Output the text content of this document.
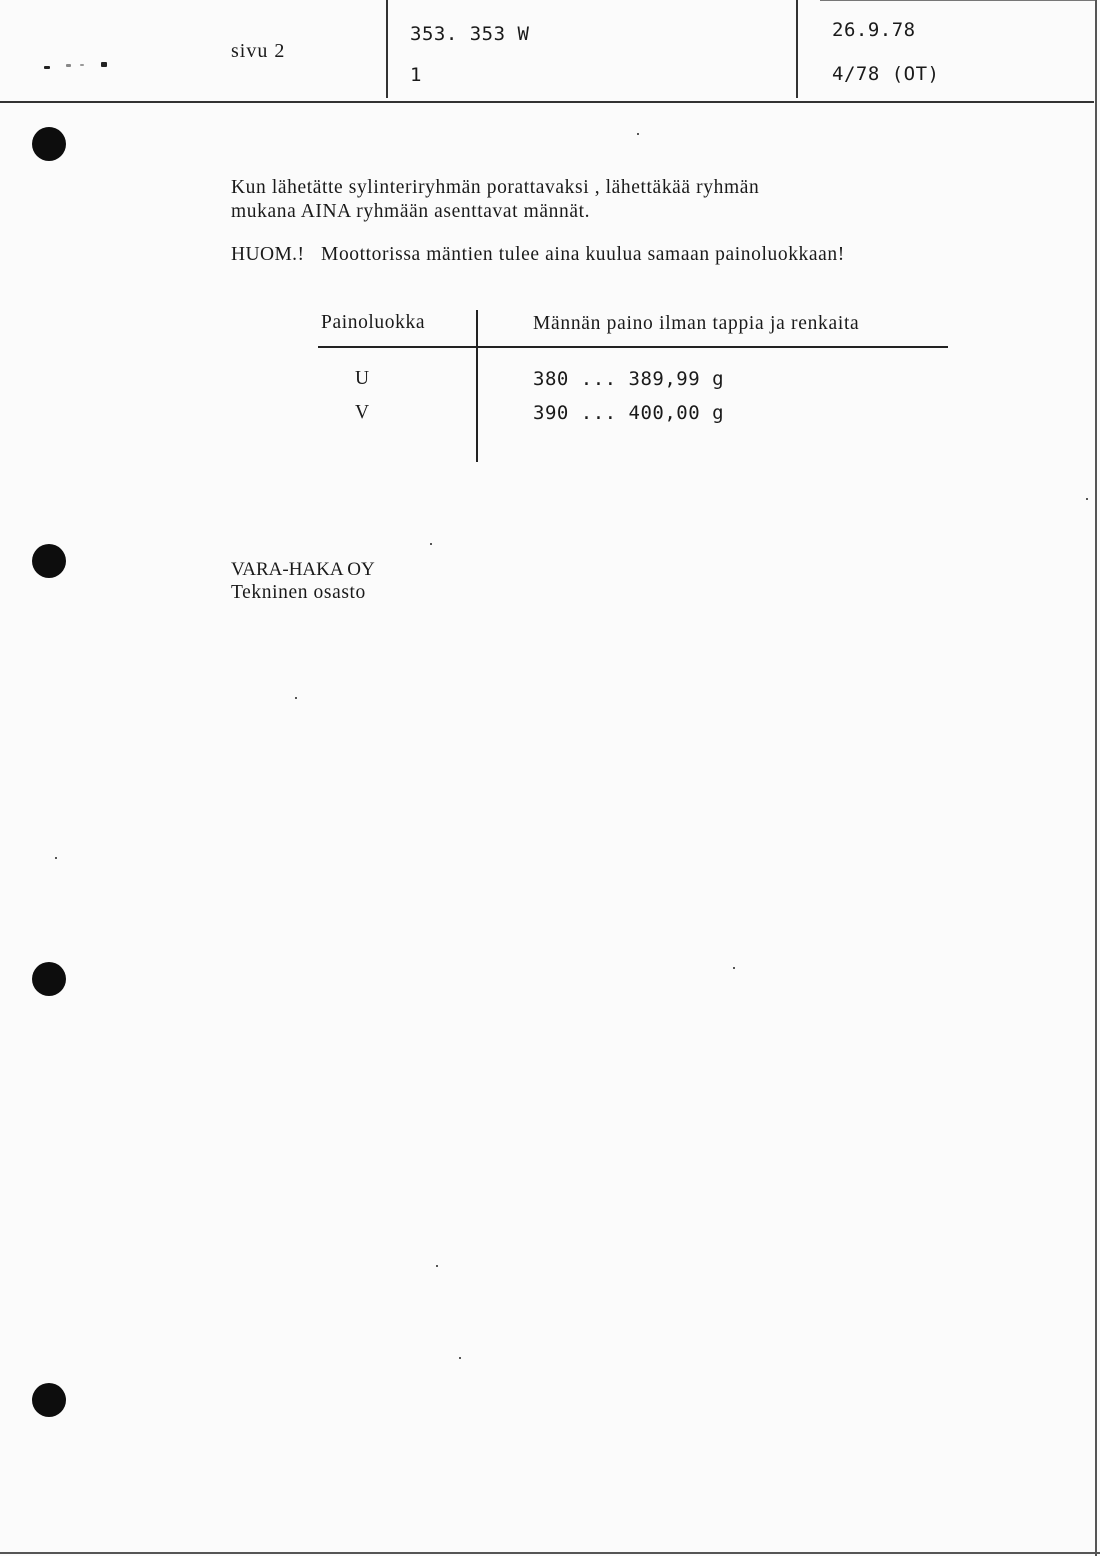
sivu 2
353. 353 W
1
26.9.78
4/78 (OT)
Kun lähetätte sylinteriryhmän porattavaksi , lähettäkää ryhmän
mukana AINA ryhmään asenttavat männät.
HUOM.! Moottorissa mäntien tulee aina kuulua samaan painoluokkaan!
Painoluokka	Männän paino ilman tappia ja renkaita
U	380 ... 389,99 g
V	390 ... 400,00 g
VARA-HAKA OY
Tekninen osasto
